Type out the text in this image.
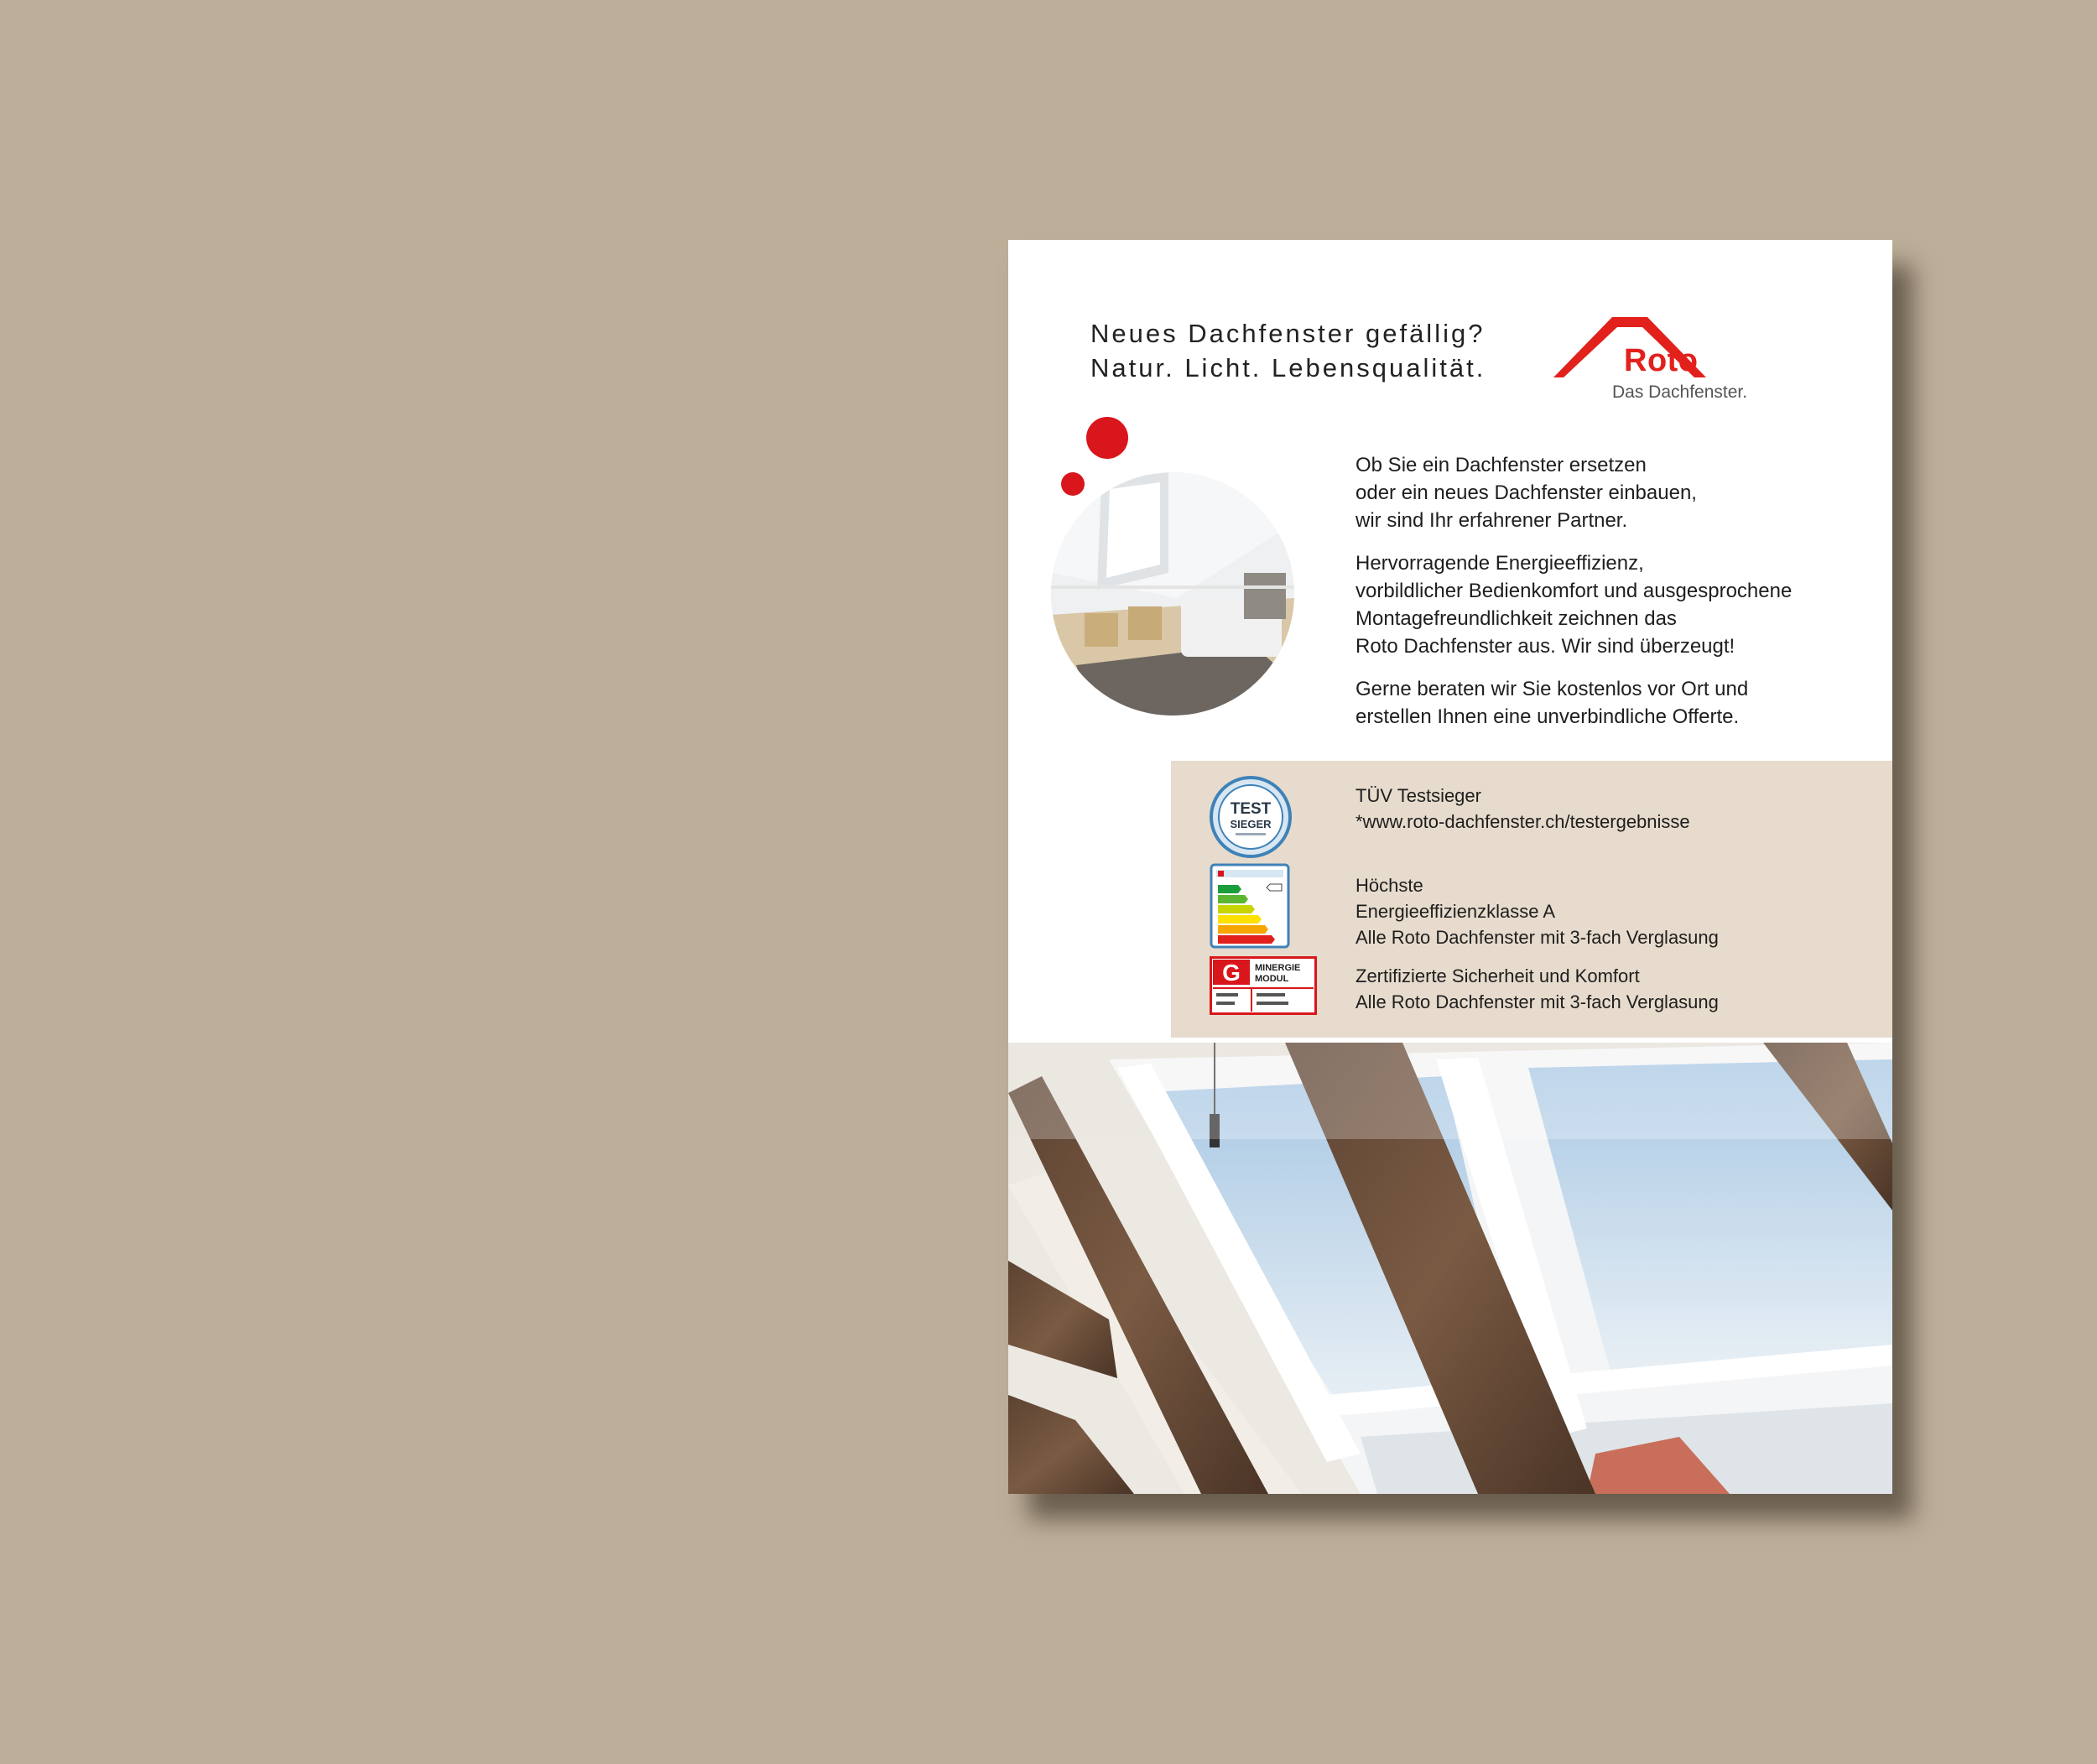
Neues Dachfenster gefällig?
Natur. Licht. Lebensqualität.	Roto
Das Dachfenster.

Ob Sie ein Dachfenster ersetzen
oder ein neues Dachfenster einbauen,
wir sind Ihr erfahrener Partner.

Hervorragende Energieeffizienz,
vorbildlicher Bedienkomfort und ausgesprochene
Montagefreundlichkeit zeichnen das
Roto Dachfenster aus. Wir sind überzeugt!

Gerne beraten wir Sie kostenlos vor Ort und
erstellen Ihnen eine unverbindliche Offerte.

TEST
SIEGER
TÜV Testsieger
*www.roto-dachfenster.ch/testergebnisse
Höchste
Energieeffizienzklasse A
Alle Roto Dachfenster mit 3-fach Verglasung
G MINERGIE
MODUL	Zertifizierte Sicherheit und Komfort
Alle Roto Dachfenster mit 3-fach Verglasung
